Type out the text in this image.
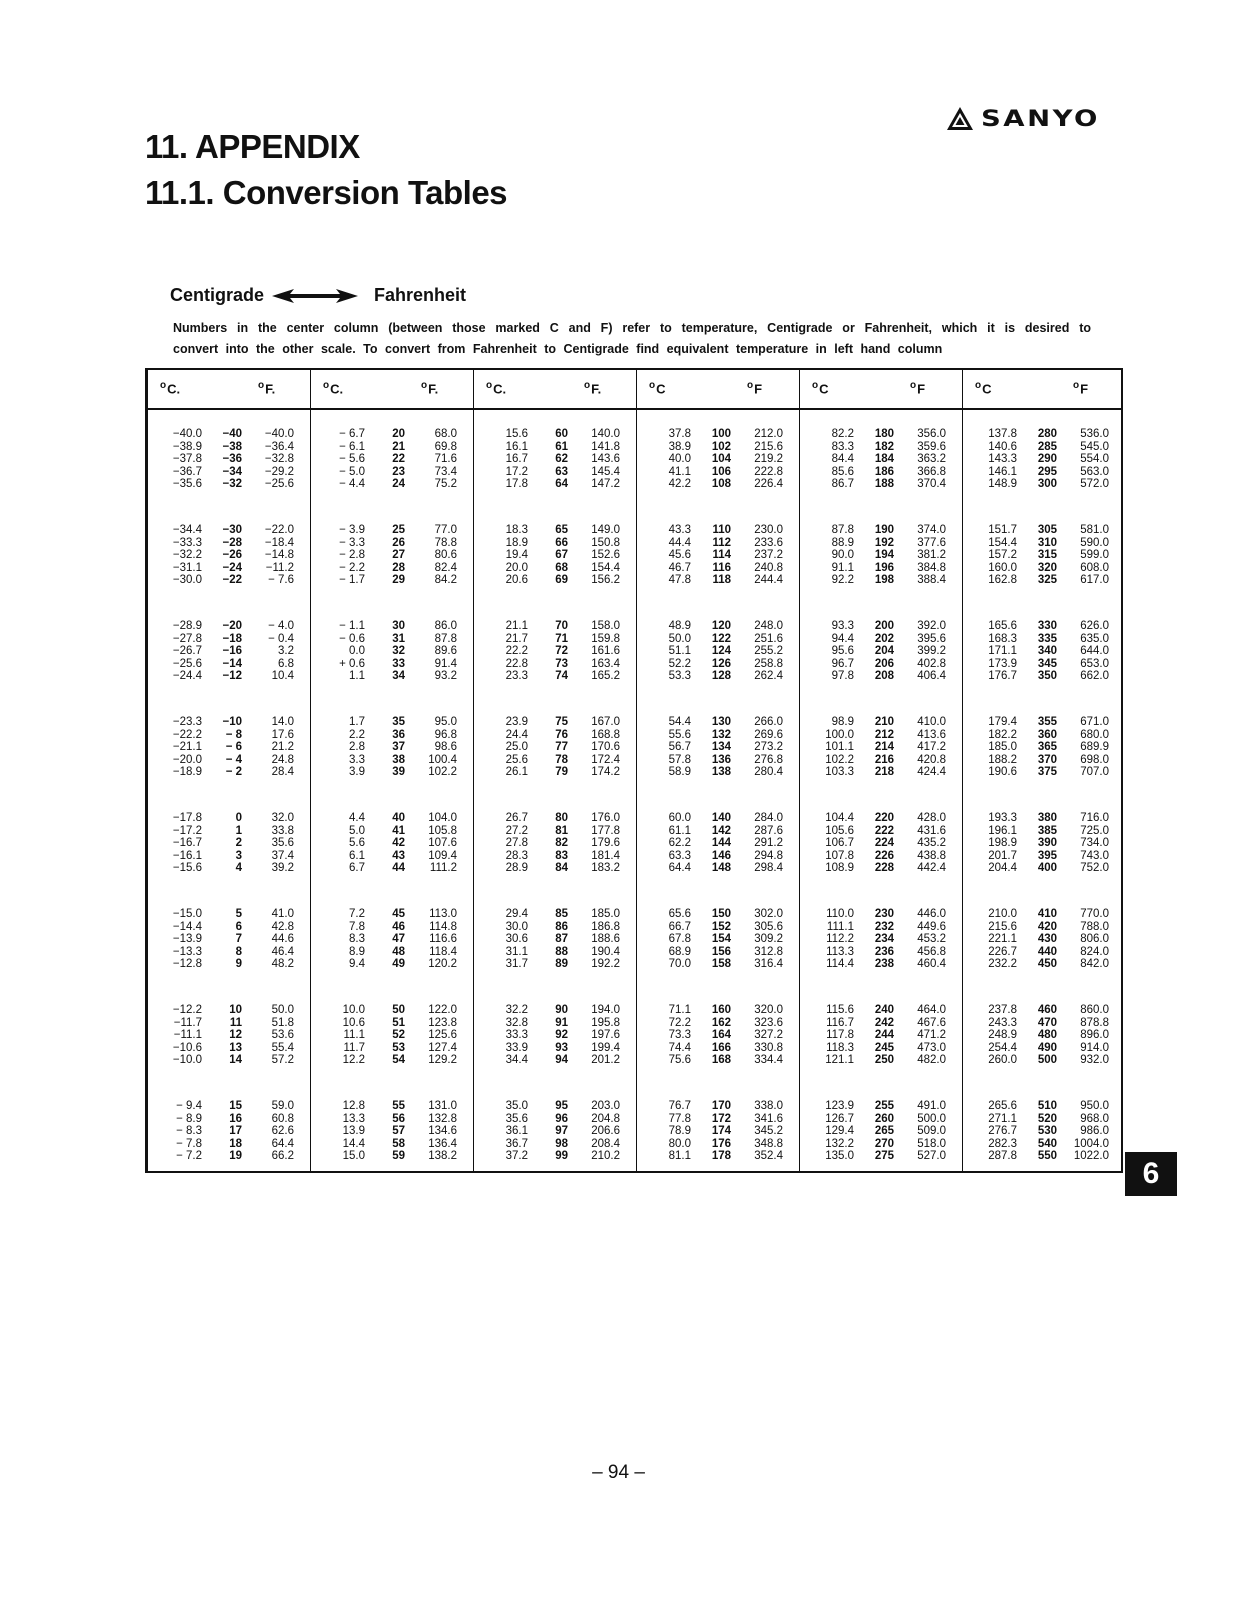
SANYO
11. APPENDIX
11.1. Conversion Tables
Centigrade	Fahrenheit

Numbers in the center column (between those marked C and F) refer to temperature, Centigrade or Fahrenheit, which it is desired to convert into the other scale. To convert from Fahrenheit to Centigrade find equivalent temperature in left hand column

$^o$C.	$^o$F.
−40.0	−40	−40.0
−38.9	−38	−36.4
−37.8	−36	−32.8
−36.7	−34	−29.2
−35.6	−32	−25.6
−34.4	−30	−22.0
−33.3	−28	−18.4
−32.2	−26	−14.8
−31.1	−24	−11.2
−30.0	−22	− 7.6
−28.9	−20	− 4.0
−27.8	−18	− 0.4
−26.7	−16	3.2
−25.6	−14	6.8
−24.4	−12	10.4
−23.3	−10	14.0
−22.2	− 8	17.6
−21.1	− 6	21.2
−20.0	− 4	24.8
−18.9	− 2	28.4
−17.8	0	32.0
−17.2	1	33.8
−16.7	2	35.6
−16.1	3	37.4
−15.6	4	39.2
−15.0	5	41.0
−14.4	6	42.8
−13.9	7	44.6
−13.3	8	46.4
−12.8	9	48.2
−12.2	10	50.0
−11.7	11	51.8
−11.1	12	53.6
−10.6	13	55.4
−10.0	14	57.2
− 9.4	15	59.0
− 8.9	16	60.8
− 8.3	17	62.6
− 7.8	18	64.4
− 7.2	19	66.2
$^o$C.	$^o$F.
− 6.7	20	68.0
− 6.1	21	69.8
− 5.6	22	71.6
− 5.0	23	73.4
− 4.4	24	75.2
− 3.9	25	77.0
− 3.3	26	78.8
− 2.8	27	80.6
− 2.2	28	82.4
− 1.7	29	84.2
− 1.1	30	86.0
− 0.6	31	87.8
0.0	32	89.6
+ 0.6	33	91.4
1.1	34	93.2
1.7	35	95.0
2.2	36	96.8
2.8	37	98.6
3.3	38	100.4
3.9	39	102.2
4.4	40	104.0
5.0	41	105.8
5.6	42	107.6
6.1	43	109.4
6.7	44	111.2
7.2	45	113.0
7.8	46	114.8
8.3	47	116.6
8.9	48	118.4
9.4	49	120.2
10.0	50	122.0
10.6	51	123.8
11.1	52	125.6
11.7	53	127.4
12.2	54	129.2
12.8	55	131.0
13.3	56	132.8
13.9	57	134.6
14.4	58	136.4
15.0	59	138.2
$^o$C.	$^o$F.
15.6	60	140.0
16.1	61	141.8
16.7	62	143.6
17.2	63	145.4
17.8	64	147.2
18.3	65	149.0
18.9	66	150.8
19.4	67	152.6
20.0	68	154.4
20.6	69	156.2
21.1	70	158.0
21.7	71	159.8
22.2	72	161.6
22.8	73	163.4
23.3	74	165.2
23.9	75	167.0
24.4	76	168.8
25.0	77	170.6
25.6	78	172.4
26.1	79	174.2
26.7	80	176.0
27.2	81	177.8
27.8	82	179.6
28.3	83	181.4
28.9	84	183.2
29.4	85	185.0
30.0	86	186.8
30.6	87	188.6
31.1	88	190.4
31.7	89	192.2
32.2	90	194.0
32.8	91	195.8
33.3	92	197.6
33.9	93	199.4
34.4	94	201.2
35.0	95	203.0
35.6	96	204.8
36.1	97	206.6
36.7	98	208.4
37.2	99	210.2
$^o$C	$^o$F
37.8	100	212.0
38.9	102	215.6
40.0	104	219.2
41.1	106	222.8
42.2	108	226.4
43.3	110	230.0
44.4	112	233.6
45.6	114	237.2
46.7	116	240.8
47.8	118	244.4
48.9	120	248.0
50.0	122	251.6
51.1	124	255.2
52.2	126	258.8
53.3	128	262.4
54.4	130	266.0
55.6	132	269.6
56.7	134	273.2
57.8	136	276.8
58.9	138	280.4
60.0	140	284.0
61.1	142	287.6
62.2	144	291.2
63.3	146	294.8
64.4	148	298.4
65.6	150	302.0
66.7	152	305.6
67.8	154	309.2
68.9	156	312.8
70.0	158	316.4
71.1	160	320.0
72.2	162	323.6
73.3	164	327.2
74.4	166	330.8
75.6	168	334.4
76.7	170	338.0
77.8	172	341.6
78.9	174	345.2
80.0	176	348.8
81.1	178	352.4
$^o$C	$^o$F
82.2	180	356.0
83.3	182	359.6
84.4	184	363.2
85.6	186	366.8
86.7	188	370.4
87.8	190	374.0
88.9	192	377.6
90.0	194	381.2
91.1	196	384.8
92.2	198	388.4
93.3	200	392.0
94.4	202	395.6
95.6	204	399.2
96.7	206	402.8
97.8	208	406.4
98.9	210	410.0
100.0	212	413.6
101.1	214	417.2
102.2	216	420.8
103.3	218	424.4
104.4	220	428.0
105.6	222	431.6
106.7	224	435.2
107.8	226	438.8
108.9	228	442.4
110.0	230	446.0
111.1	232	449.6
112.2	234	453.2
113.3	236	456.8
114.4	238	460.4
115.6	240	464.0
116.7	242	467.6
117.8	244	471.2
118.3	245	473.0
121.1	250	482.0
123.9	255	491.0
126.7	260	500.0
129.4	265	509.0
132.2	270	518.0
135.0	275	527.0
$^o$C	$^o$F
137.8	280	536.0
140.6	285	545.0
143.3	290	554.0
146.1	295	563.0
148.9	300	572.0
151.7	305	581.0
154.4	310	590.0
157.2	315	599.0
160.0	320	608.0
162.8	325	617.0
165.6	330	626.0
168.3	335	635.0
171.1	340	644.0
173.9	345	653.0
176.7	350	662.0
179.4	355	671.0
182.2	360	680.0
185.0	365	689.9
188.2	370	698.0
190.6	375	707.0
193.3	380	716.0
196.1	385	725.0
198.9	390	734.0
201.7	395	743.0
204.4	400	752.0
210.0	410	770.0
215.6	420	788.0
221.1	430	806.0
226.7	440	824.0
232.2	450	842.0
237.8	460	860.0
243.3	470	878.8
248.9	480	896.0
254.4	490	914.0
260.0	500	932.0
265.6	510	950.0
271.1	520	968.0
276.7	530	986.0
282.3	540	1004.0
287.8	550	1022.0
6
– 94 –
